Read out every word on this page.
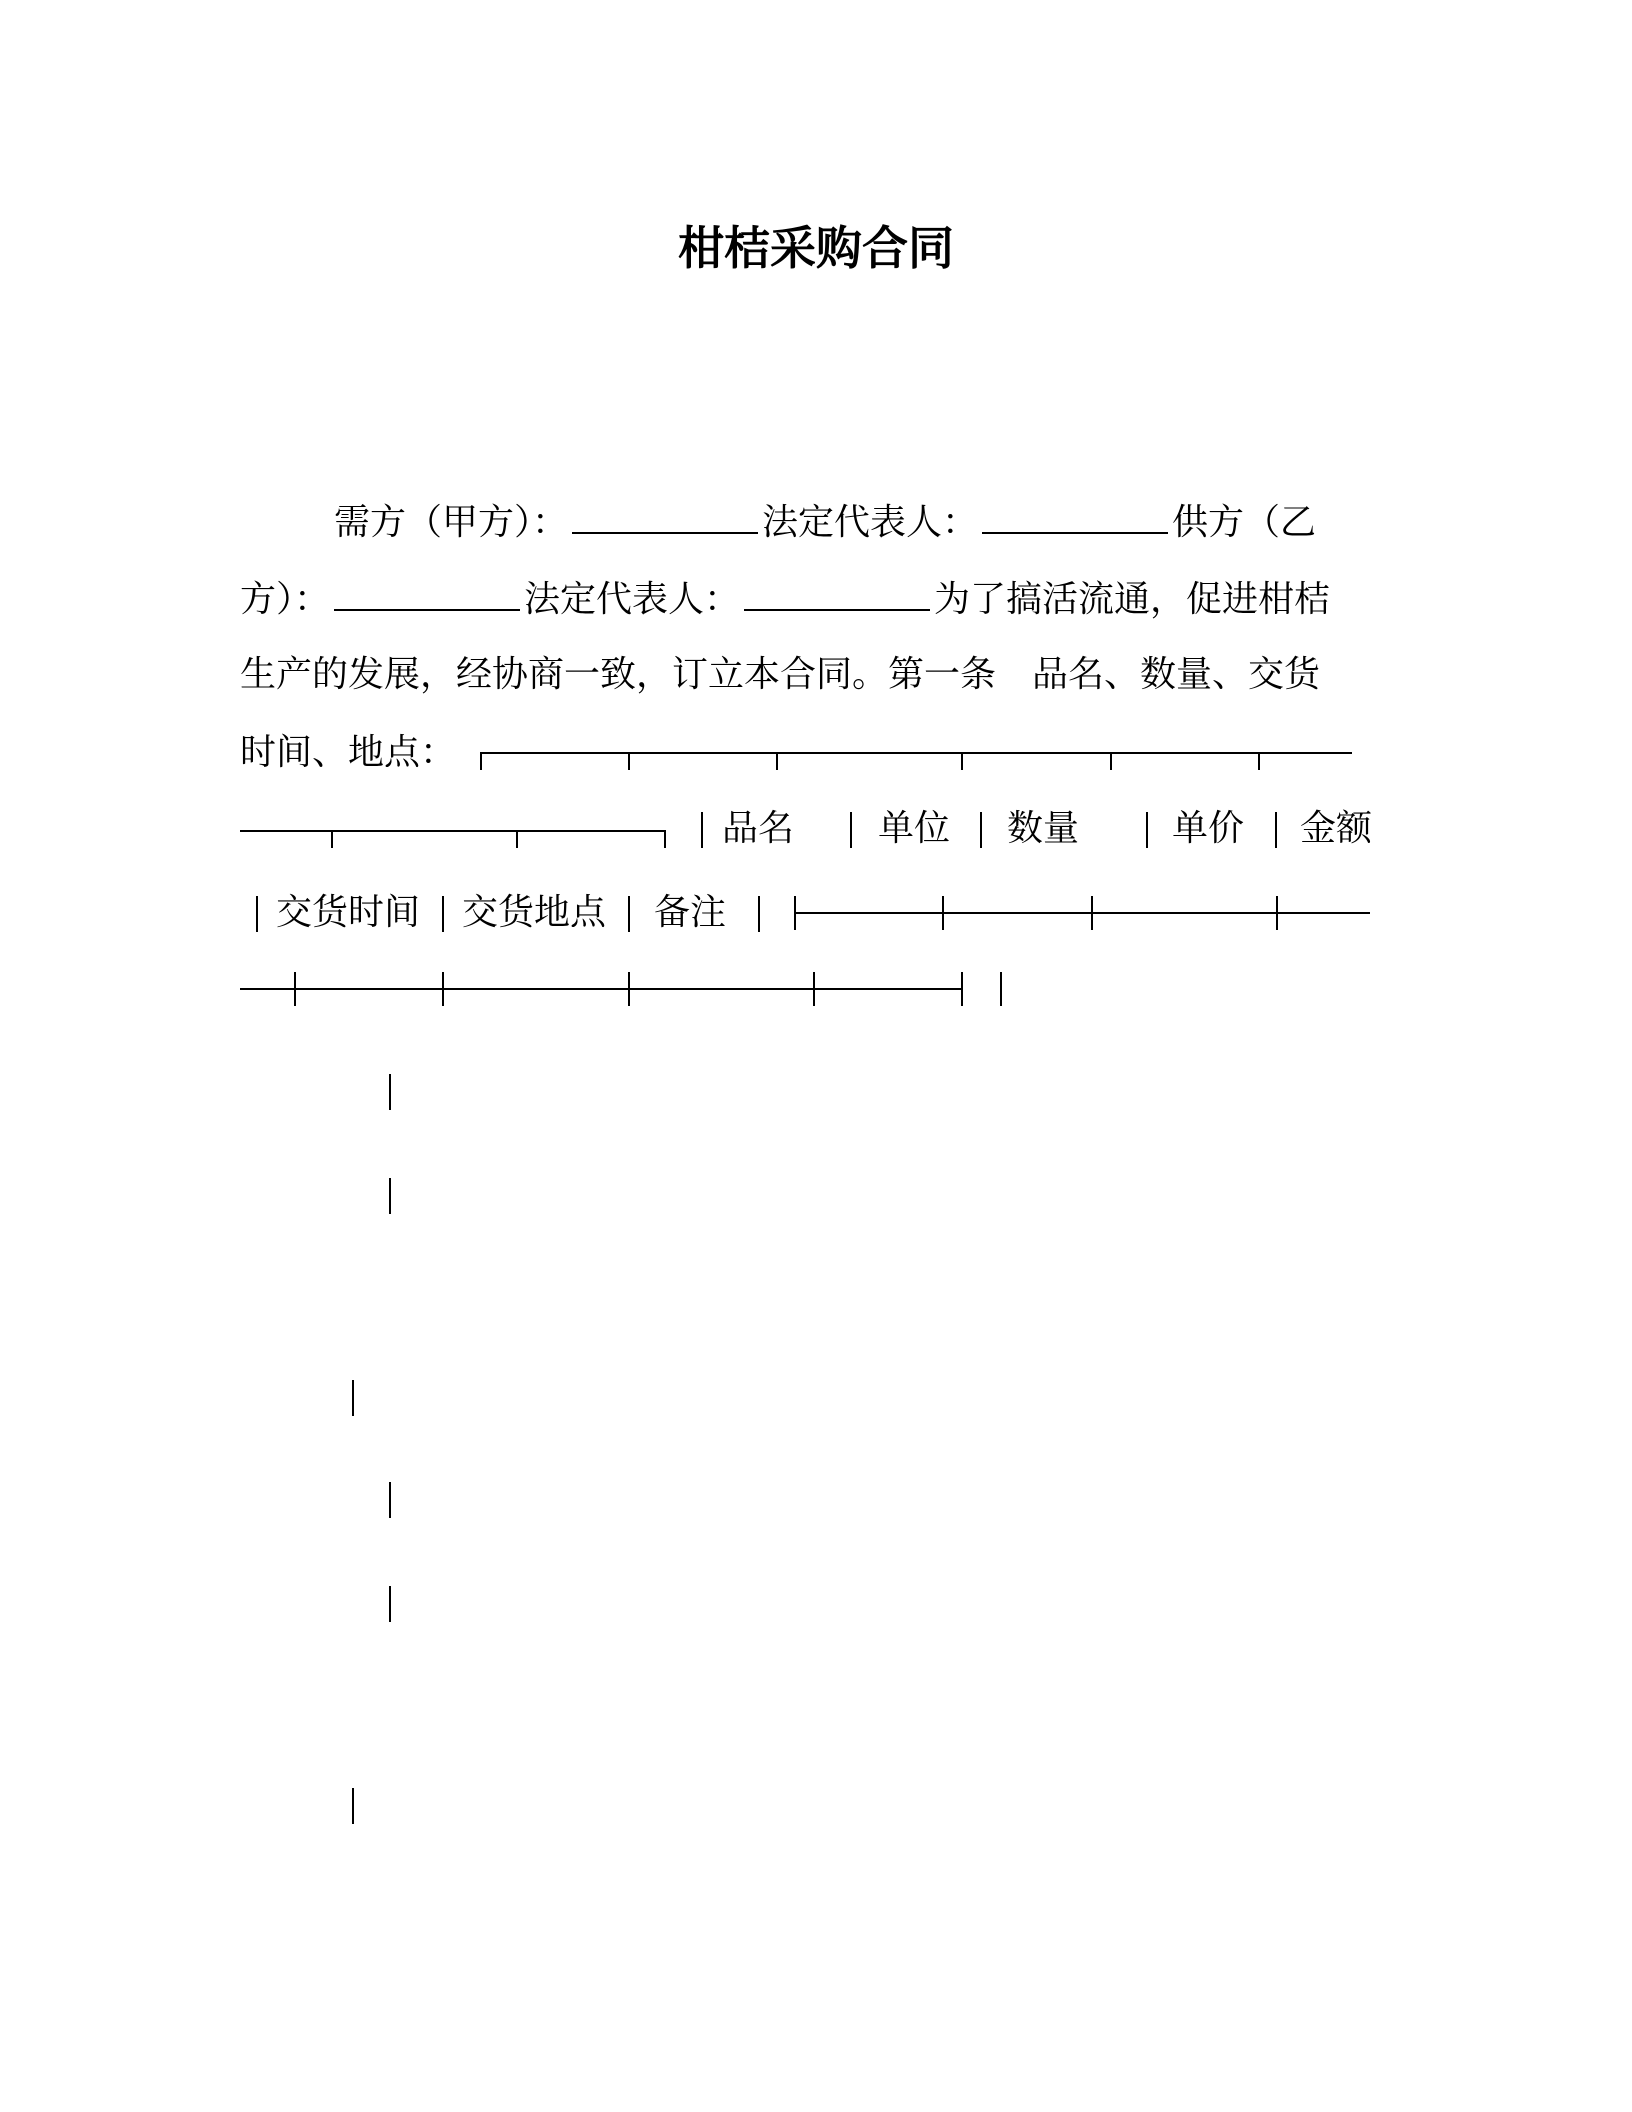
柑桔采购合同
需方（甲方）：	法定代表人：	供方（乙
方）：	法定代表人：	为了搞活流通，促进柑桔
生产的发展，经协商一致，订立本合同。第一条　品名、数量、交货
时间、地点：
品名 单位 数量	单价 金额
交货时间 交货地点 备注
